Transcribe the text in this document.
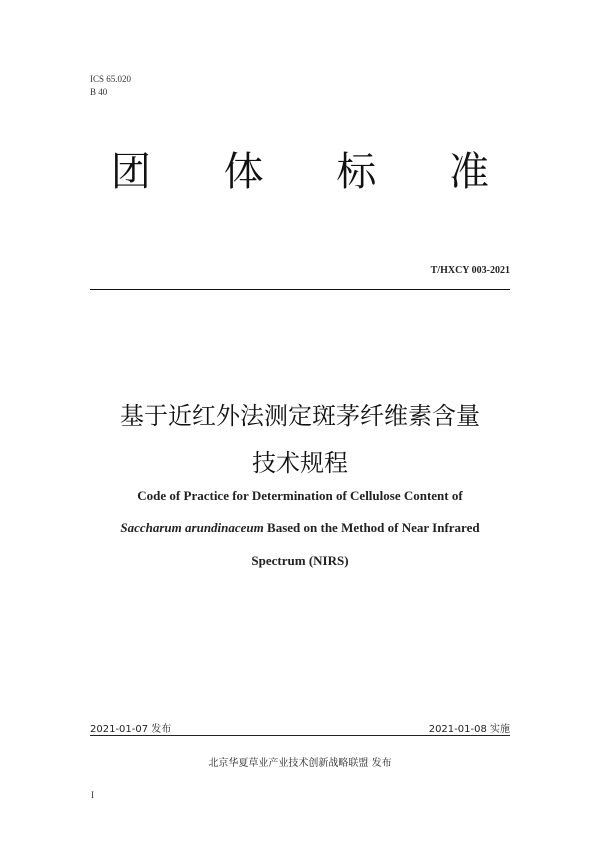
ICS 65.020
B 40
团 体 标 准
T/HXCY 003-2021
基于近红外法测定斑茅纤维素含量
技术规程
Code of Practice for Determination of Cellulose Content of
Saccharum arundinaceum Based on the Method of Near Infrared
Spectrum (NIRS)
2021-01-07 发布	2021-01-08 实施
北京华夏草业产业技术创新战略联盟 发布
I
